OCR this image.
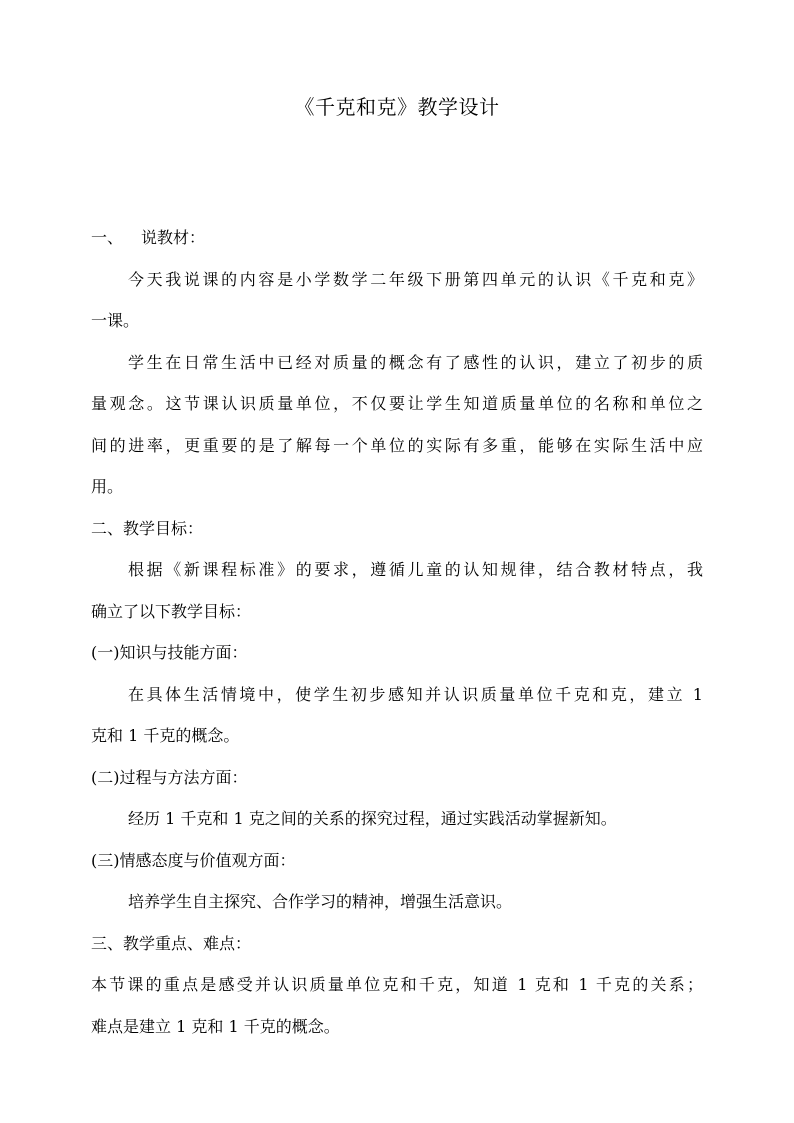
《千克和克》教学设计
一、 说教材：
今天我说课的内容是小学数学二年级下册第四单元的认识《千克和克》
一课。
学生在日常生活中已经对质量的概念有了感性的认识，建立了初步的质
量观念。这节课认识质量单位，不仅要让学生知道质量单位的名称和单位之
间的进率，更重要的是了解每一个单位的实际有多重，能够在实际生活中应
用。
二、教学目标：
根据《新课程标准》的要求，遵循儿童的认知规律，结合教材特点，我
确立了以下教学目标：
(一)知识与技能方面：
在具体生活情境中，使学生初步感知并认识质量单位千克和克，建立 1
克和 1 千克的概念。
(二)过程与方法方面：
经历 1 千克和 1 克之间的关系的探究过程，通过实践活动掌握新知。
(三)情感态度与价值观方面：
培养学生自主探究、合作学习的精神，增强生活意识。
三、教学重点、难点：
本节课的重点是感受并认识质量单位克和千克，知道 1 克和 1 千克的关系；
难点是建立 1 克和 1 千克的概念。
